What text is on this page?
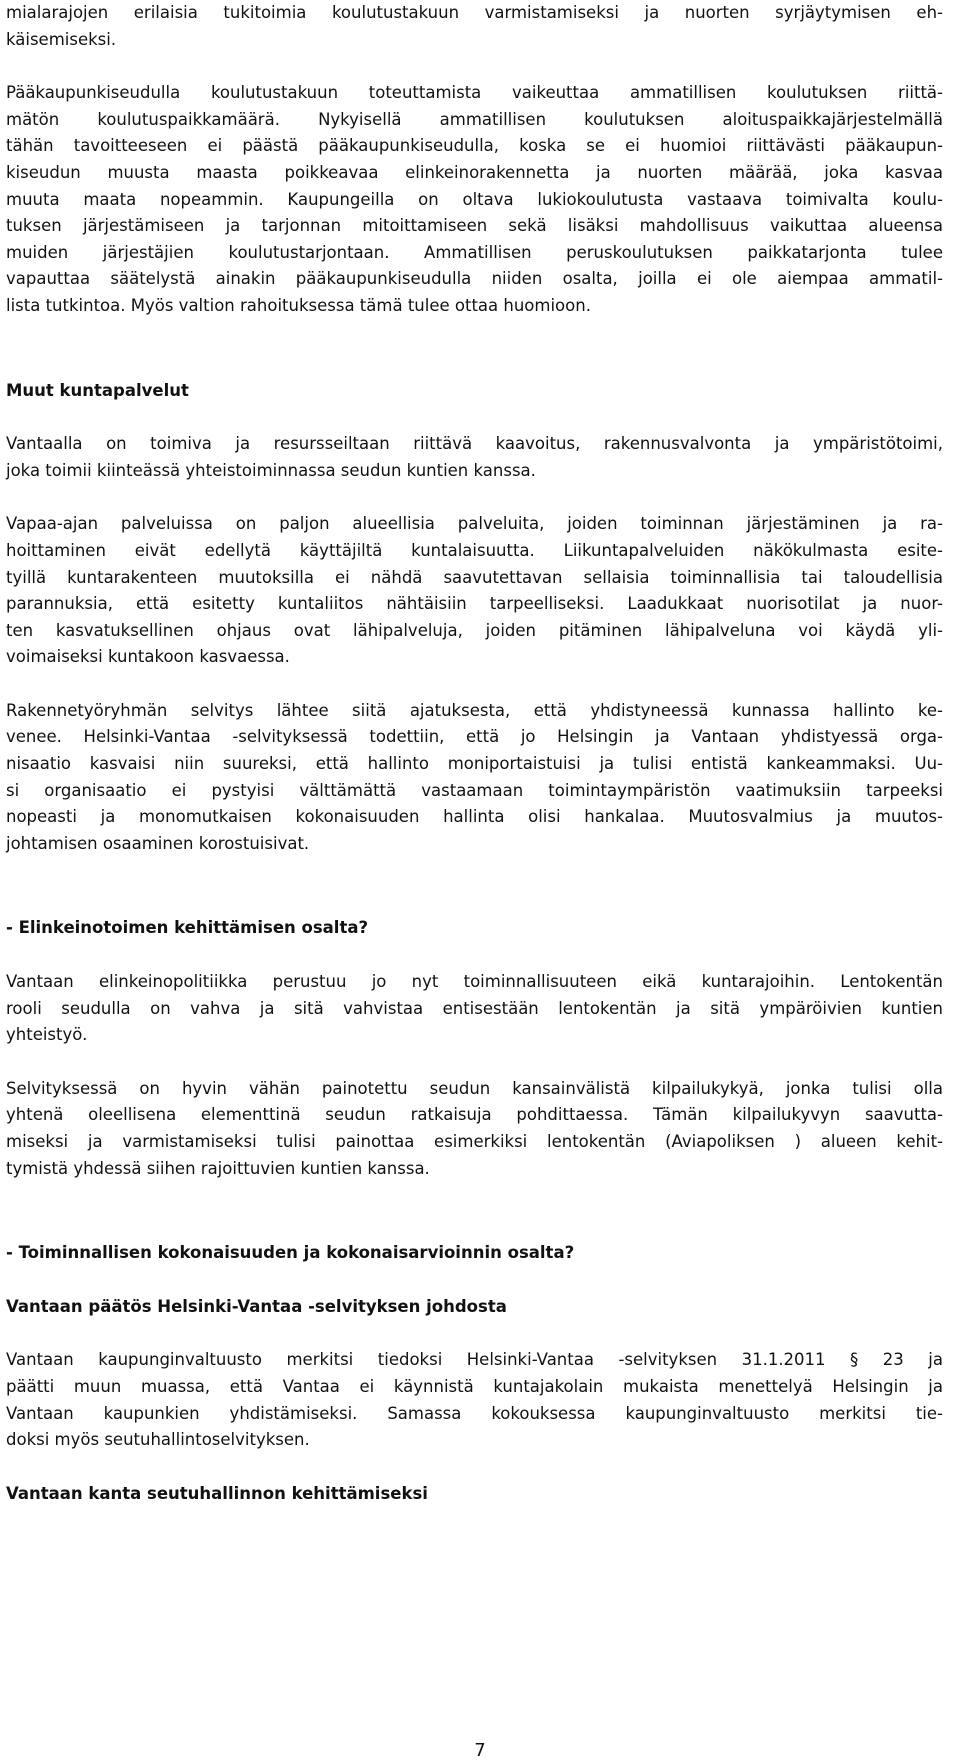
mialarajojen erilaisia tukitoimia koulutustakuun varmistamiseksi ja nuorten syrjäytymisen eh-
käisemiseksi.
Pääkaupunkiseudulla koulutustakuun toteuttamista vaikeuttaa ammatillisen koulutuksen riittä-
mätön koulutuspaikkamäärä. Nykyisellä ammatillisen koulutuksen aloituspaikkajärjestelmällä
tähän tavoitteeseen ei päästä pääkaupunkiseudulla, koska se ei huomioi riittävästi pääkaupun-
kiseudun muusta maasta poikkeavaa elinkeinorakennetta ja nuorten määrää, joka kasvaa
muuta maata nopeammin. Kaupungeilla on oltava lukiokoulutusta vastaava toimivalta koulu-
tuksen järjestämiseen ja tarjonnan mitoittamiseen sekä lisäksi mahdollisuus vaikuttaa alueensa
muiden järjestäjien koulutustarjontaan. Ammatillisen peruskoulutuksen paikkatarjonta tulee
vapauttaa säätelystä ainakin pääkaupunkiseudulla niiden osalta, joilla ei ole aiempaa ammatil-
lista tutkintoa. Myös valtion rahoituksessa tämä tulee ottaa huomioon.
Muut kuntapalvelut
Vantaalla on toimiva ja resursseiltaan riittävä kaavoitus, rakennusvalvonta ja ympäristötoimi,
joka toimii kiinteässä yhteistoiminnassa seudun kuntien kanssa.
Vapaa-ajan palveluissa on paljon alueellisia palveluita, joiden toiminnan järjestäminen ja ra-
hoittaminen eivät edellytä käyttäjiltä kuntalaisuutta. Liikuntapalveluiden näkökulmasta esite-
tyillä kuntarakenteen muutoksilla ei nähdä saavutettavan sellaisia toiminnallisia tai taloudellisia
parannuksia, että esitetty kuntaliitos nähtäisiin tarpeelliseksi. Laadukkaat nuorisotilat ja nuor-
ten kasvatuksellinen ohjaus ovat lähipalveluja, joiden pitäminen lähipalveluna voi käydä yli-
voimaiseksi kuntakoon kasvaessa.
Rakennetyöryhmän selvitys lähtee siitä ajatuksesta, että yhdistyneessä kunnassa hallinto ke-
venee. Helsinki-Vantaa -selvityksessä todettiin, että jo Helsingin ja Vantaan yhdistyessä orga-
nisaatio kasvaisi niin suureksi, että hallinto moniportaistuisi ja tulisi entistä kankeammaksi. Uu-
si organisaatio ei pystyisi välttämättä vastaamaan toimintaympäristön vaatimuksiin tarpeeksi
nopeasti ja monomutkaisen kokonaisuuden hallinta olisi hankalaa. Muutosvalmius ja muutos-
johtamisen osaaminen korostuisivat.
- Elinkeinotoimen kehittämisen osalta?
Vantaan elinkeinopolitiikka perustuu jo nyt toiminnallisuuteen eikä kuntarajoihin. Lentokentän
rooli seudulla on vahva ja sitä vahvistaa entisestään lentokentän ja sitä ympäröivien kuntien
yhteistyö.
Selvityksessä on hyvin vähän painotettu seudun kansainvälistä kilpailukykyä, jonka tulisi olla
yhtenä oleellisena elementtinä seudun ratkaisuja pohdittaessa. Tämän kilpailukyvyn saavutta-
miseksi ja varmistamiseksi tulisi painottaa esimerkiksi lentokentän (Aviapoliksen ) alueen kehit-
tymistä yhdessä siihen rajoittuvien kuntien kanssa.
- Toiminnallisen kokonaisuuden ja kokonaisarvioinnin osalta?
Vantaan päätös Helsinki-Vantaa -selvityksen johdosta
Vantaan kaupunginvaltuusto merkitsi tiedoksi Helsinki-Vantaa -selvityksen 31.1.2011 § 23 ja
päätti muun muassa, että Vantaa ei käynnistä kuntajakolain mukaista menettelyä Helsingin ja
Vantaan kaupunkien yhdistämiseksi. Samassa kokouksessa kaupunginvaltuusto merkitsi tie-
doksi myös seutuhallintoselvityksen.
Vantaan kanta seutuhallinnon kehittämiseksi
7
